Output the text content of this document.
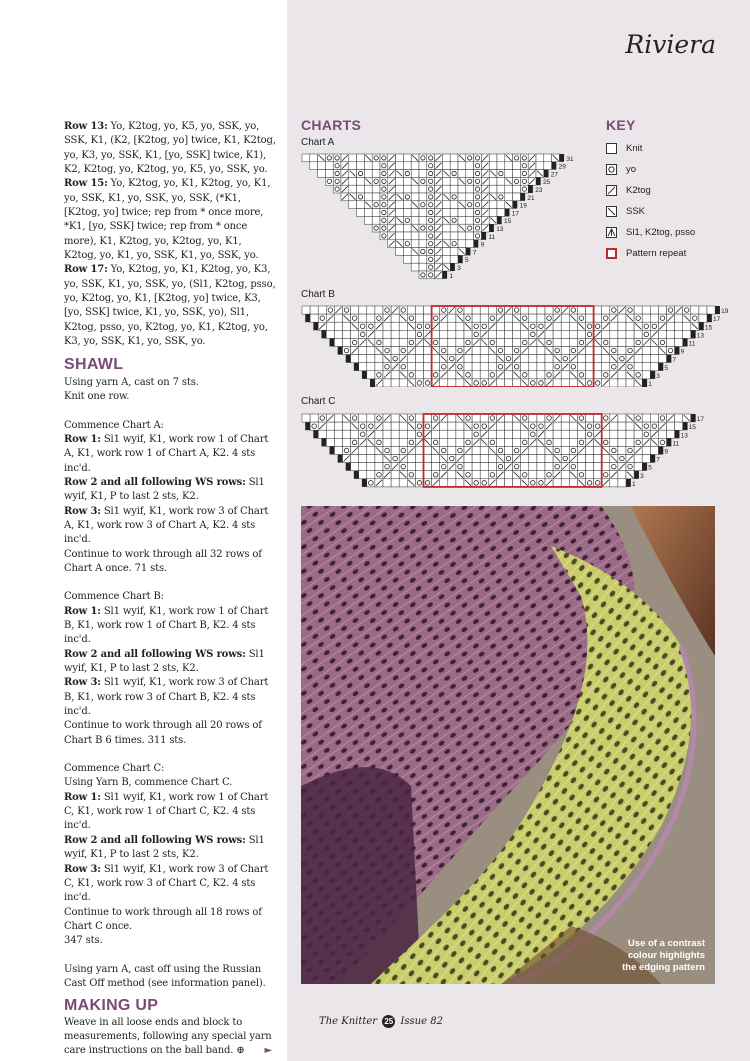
Riviera

Row 13: Yo, K2tog, yo, K5, yo, SSK, yo, SSK, K1, (K2, [K2tog, yo] twice, K1, K2tog, yo, K3, yo, SSK, K1, [yo, SSK] twice, K1), K2, K2tog, yo, K2tog, yo, K5, yo, SSK, yo.

Row 15: Yo, K2tog, yo, K1, K2tog, yo, K1, yo, SSK, K1, yo, SSK, yo, SSK, (*K1, [K2tog, yo] twice; rep from * once more, *K1, [yo, SSK] twice; rep from * once more), K1, K2tog, yo, K2tog, yo, K1, K2tog, yo, K1, yo, SSK, K1, yo, SSK, yo.

Row 17: Yo, K2tog, yo, K1, K2tog, yo, K3, yo, SSK, K1, yo, SSK, yo, (Sl1, K2tog, psso, yo, K2tog, yo, K1, [K2tog, yo] twice, K3, [yo, SSK] twice, K1, yo, SSK, yo), Sl1, K2tog, psso, yo, K2tog, yo, K1, K2tog, yo, K3, yo, SSK, K1, yo, SSK, yo.

SHAWL

Using yarn A, cast on 7 sts.

Knit one row.

Commence Chart A:

Row 1: Sl1 wyif, K1, work row 1 of Chart A, K1, work row 1 of Chart A, K2. 4 sts inc'd.

Row 2 and all following WS rows: Sl1 wyif, K1, P to last 2 sts, K2.

Row 3: Sl1 wyif, K1, work row 3 of Chart A, K1, work row 3 of Chart A, K2. 4 sts inc'd.

Continue to work through all 32 rows of Chart A once. 71 sts.

Commence Chart B:

Row 1: Sl1 wyif, K1, work row 1 of Chart B, K1, work row 1 of Chart B, K2. 4 sts inc'd.

Row 2 and all following WS rows: Sl1 wyif, K1, P to last 2 sts, K2.

Row 3: Sl1 wyif, K1, work row 3 of Chart B, K1, work row 3 of Chart B, K2. 4 sts inc'd.

Continue to work through all 20 rows of Chart B 6 times. 311 sts.

Commence Chart C:

Using Yarn B, commence Chart C.

Row 1: Sl1 wyif, K1, work row 1 of Chart C, K1, work row 1 of Chart C, K2. 4 sts inc'd.

Row 2 and all following WS rows: Sl1 wyif, K1, P to last 2 sts, K2.

Row 3: Sl1 wyif, K1, work row 3 of Chart C, K1, work row 3 of Chart C, K2. 4 sts inc'd.

Continue to work through all 18 rows of Chart C once.

347 sts.

Using yarn A, cast off using the Russian Cast Off method (see information panel).

MAKING UP

Weave in all loose ends and block to measurements, following any special yarn care instructions on the ball band. ⊕ ►

CHARTS
Chart A
Chart B
Chart C
31
29
27
25
23
21
19
17
15
13
11
9
7
5
3
1
19
17
15
13
11
9
7
5
3
1
17
15
13
11
9
7
5
3
1
KEY
Knit
yo
K2tog
SSK
Sl1, K2tog, psso
Pattern repeat
Use of a contrast
colour highlights
the edging pattern
The Knitter 25 Issue 82
